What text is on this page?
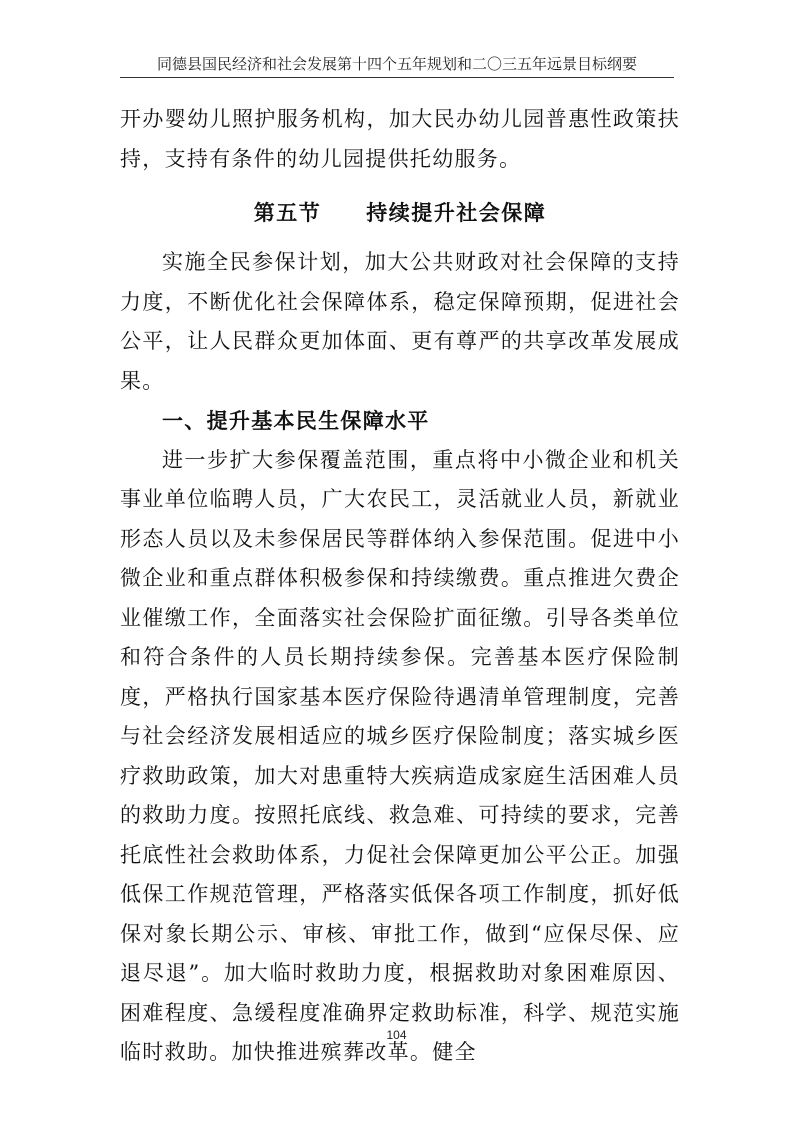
同德县国民经济和社会发展第十四个五年规划和二〇三五年远景目标纲要

开办婴幼儿照护服务机构，加大民办幼儿园普惠性政策扶持，支持有条件的幼儿园提供托幼服务。

第五节　　持续提升社会保障

实施全民参保计划，加大公共财政对社会保障的支持力度，不断优化社会保障体系，稳定保障预期，促进社会公平，让人民群众更加体面、更有尊严的共享改革发展成果。

一、提升基本民生保障水平

进一步扩大参保覆盖范围，重点将中小微企业和机关事业单位临聘人员，广大农民工，灵活就业人员，新就业形态人员以及未参保居民等群体纳入参保范围。促进中小微企业和重点群体积极参保和持续缴费。重点推进欠费企业催缴工作，全面落实社会保险扩面征缴。引导各类单位和符合条件的人员长期持续参保。完善基本医疗保险制度，严格执行国家基本医疗保险待遇清单管理制度，完善与社会经济发展相适应的城乡医疗保险制度；落实城乡医疗救助政策，加大对患重特大疾病造成家庭生活困难人员的救助力度。按照托底线、救急难、可持续的要求，完善托底性社会救助体系，力促社会保障更加公平公正。加强低保工作规范管理，严格落实低保各项工作制度，抓好低保对象长期公示、审核、审批工作，做到“应保尽保、应退尽退”。加大临时救助力度，根据救助对象困难原因、困难程度、急缓程度准确界定救助标准，科学、规范实施临时救助。加快推进殡葬改革。健全

104
